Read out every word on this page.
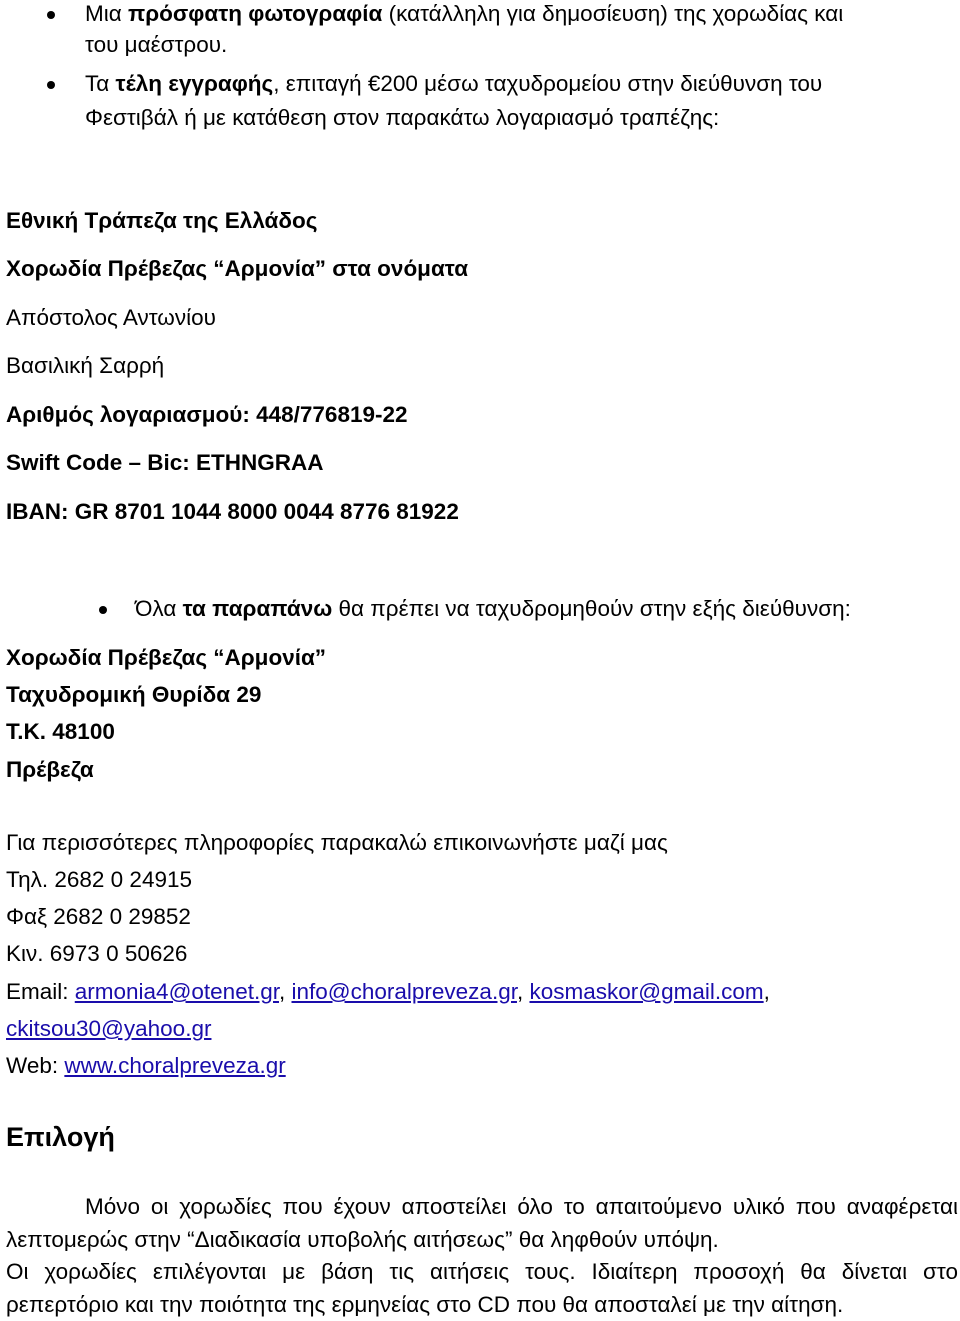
Μια πρόσφατη φωτογραφία (κατάλληλη για δημοσίευση) της χορωδίας και
του μαέστρου.
Τα τέλη εγγραφής, επιταγή €200 μέσω ταχυδρομείου στην διεύθυνση του
Φεστιβάλ ή με κατάθεση στον παρακάτω λογαριασμό τραπέζης:
Εθνική Τράπεζα της Ελλάδος
Χορωδία Πρέβεζας “Αρμονία” στα ονόματα
Απόστολος Αντωνίου
Βασιλική Σαρρή
Αριθμός λογαριασμού: 448/776819-22
Swift Code – Bic: ETHNGRAA
IBAN: GR 8701 1044 8000 0044 8776 81922
Όλα τα παραπάνω θα πρέπει να ταχυδρομηθούν στην εξής διεύθυνση:
Χορωδία Πρέβεζας “Αρμονία”
Ταχυδρομική Θυρίδα 29
Τ.Κ. 48100
Πρέβεζα
Για περισσότερες πληροφορίες παρακαλώ επικοινωνήστε μαζί μας
Τηλ. 2682 0 24915
Φαξ 2682 0 29852
Κιν. 6973 0 50626
Email: armonia4@otenet.gr, info@choralpreveza.gr, kosmaskor@gmail.com,
ckitsou30@yahoo.gr
Web: www.choralpreveza.gr
Επιλογή
Μόνο οι χορωδίες που έχουν αποστείλει όλο το απαιτούμενο υλικό που αναφέρεται λεπτομερώς στην “Διαδικασία υποβολής αιτήσεως” θα ληφθούν υπόψη.
Οι χορωδίες επιλέγονται με βάση τις αιτήσεις τους. Ιδιαίτερη προσοχή θα δίνεται στο ρεπερτόριο και την ποιότητα της ερμηνείας στο CD που θα αποσταλεί με την αίτηση.
